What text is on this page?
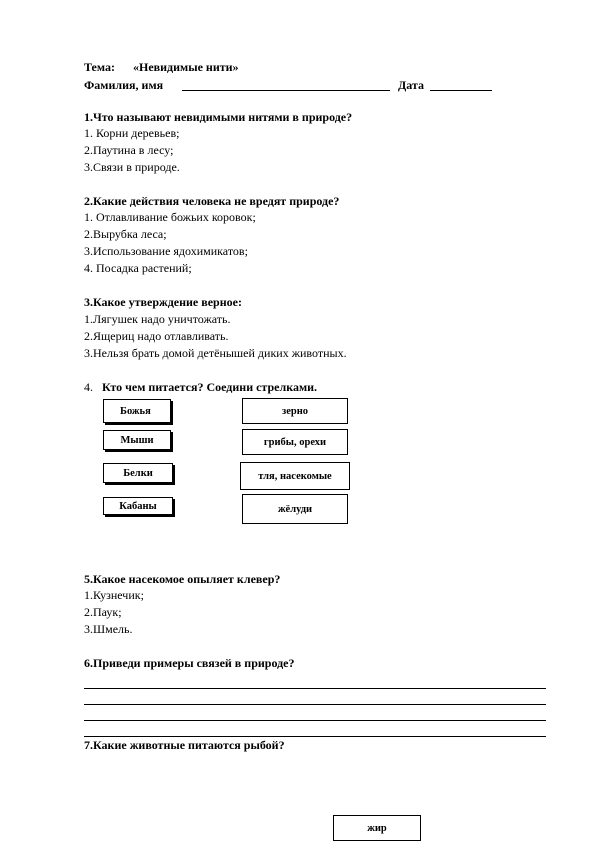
Тема: «Невидимые нити»
Фамилия, имя	Дата
1.Что называют невидимыми нитями в природе?
1. Корни деревьев;
2.Паутина в лесу;
3.Связи в природе.
2.Какие действия человека не вредят природе?
1. Отлавливание божьих коровок;
2.Вырубка леса;
3.Использование ядохимикатов;
4. Посадка растений;
3.Какое утверждение верное:
1.Лягушек надо уничтожать.
2.Ящериц надо отлавливать.
3.Нельзя брать домой детёнышей диких животных.
4. Кто чем питается? Соедини стрелками.
Божья
Мыши
Белки
Кабаны
зерно
грибы, орехи
тля, насекомые
жёлуди
5.Какое насекомое опыляет клевер?
1.Кузнечик;
2.Паук;
3.Шмель.
6.Приведи примеры связей в природе?
7.Какие животные питаются рыбой?
жир
